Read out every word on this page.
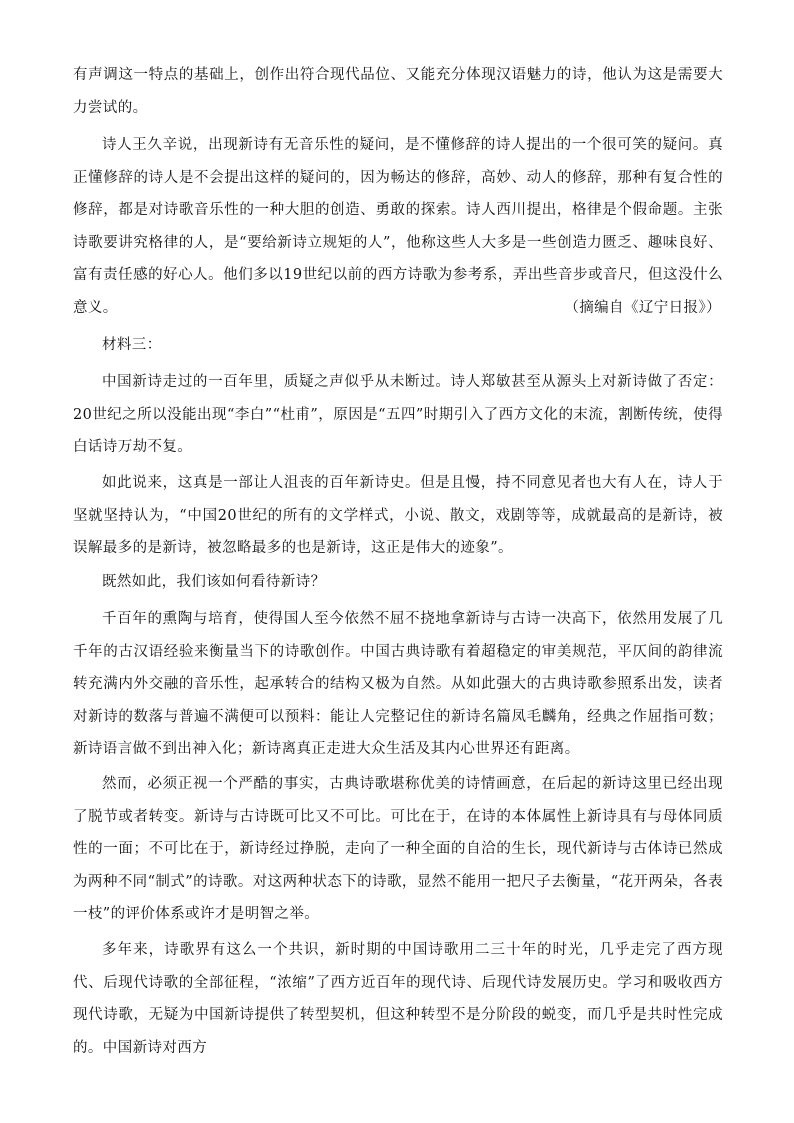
有声调这一特点的基础上，创作出符合现代品位、又能充分体现汉语魅力的诗，他认为这是需要大力尝试的。

诗人王久辛说，出现新诗有无音乐性的疑问，是不懂修辞的诗人提出的一个很可笑的疑问。真正懂修辞的诗人是不会提出这样的疑问的，因为畅达的修辞，高妙、动人的修辞，那种有复合性的修辞，都是对诗歌音乐性的一种大胆的创造、勇敢的探索。诗人西川提出，格律是个假命题。主张诗歌要讲究格律的人，是“要给新诗立规矩的人”，他称这些人大多是一些创造力匮乏、趣味良好、富有责任感的好心人。他们多以19世纪以前的西方诗歌为参考系，弄出些音步或音尺，但这没什么意义。	（摘编自《辽宁日报》）

材料三：

中国新诗走过的一百年里，质疑之声似乎从未断过。诗人郑敏甚至从源头上对新诗做了否定：20世纪之所以没能出现“李白”“杜甫”，原因是“五四”时期引入了西方文化的末流，割断传统，使得白话诗万劫不复。

如此说来，这真是一部让人沮丧的百年新诗史。但是且慢，持不同意见者也大有人在，诗人于坚就坚持认为，“中国20世纪的所有的文学样式，小说、散文，戏剧等等，成就最高的是新诗，被误解最多的是新诗，被忽略最多的也是新诗，这正是伟大的迹象”。

既然如此，我们该如何看待新诗？

千百年的熏陶与培育，使得国人至今依然不屈不挠地拿新诗与古诗一决高下，依然用发展了几千年的古汉语经验来衡量当下的诗歌创作。中国古典诗歌有着超稳定的审美规范，平仄间的韵律流转充满内外交融的音乐性，起承转合的结构又极为自然。从如此强大的古典诗歌参照系出发，读者对新诗的数落与普遍不满便可以预料：能让人完整记住的新诗名篇凤毛麟角，经典之作屈指可数；新诗语言做不到出神入化；新诗离真正走进大众生活及其内心世界还有距离。

然而，必须正视一个严酷的事实，古典诗歌堪称优美的诗情画意，在后起的新诗这里已经出现了脱节或者转变。新诗与古诗既可比又不可比。可比在于，在诗的本体属性上新诗具有与母体同质性的一面；不可比在于，新诗经过挣脱，走向了一种全面的自洽的生长，现代新诗与古体诗已然成为两种不同“制式”的诗歌。对这两种状态下的诗歌，显然不能用一把尺子去衡量，“花开两朵，各表一枝”的评价体系或许才是明智之举。

多年来，诗歌界有这么一个共识，新时期的中国诗歌用二三十年的时光，几乎走完了西方现代、后现代诗歌的全部征程，“浓缩”了西方近百年的现代诗、后现代诗发展历史。学习和吸收西方现代诗歌，无疑为中国新诗提供了转型契机，但这种转型不是分阶段的蜕变，而几乎是共时性完成的。中国新诗对西方
